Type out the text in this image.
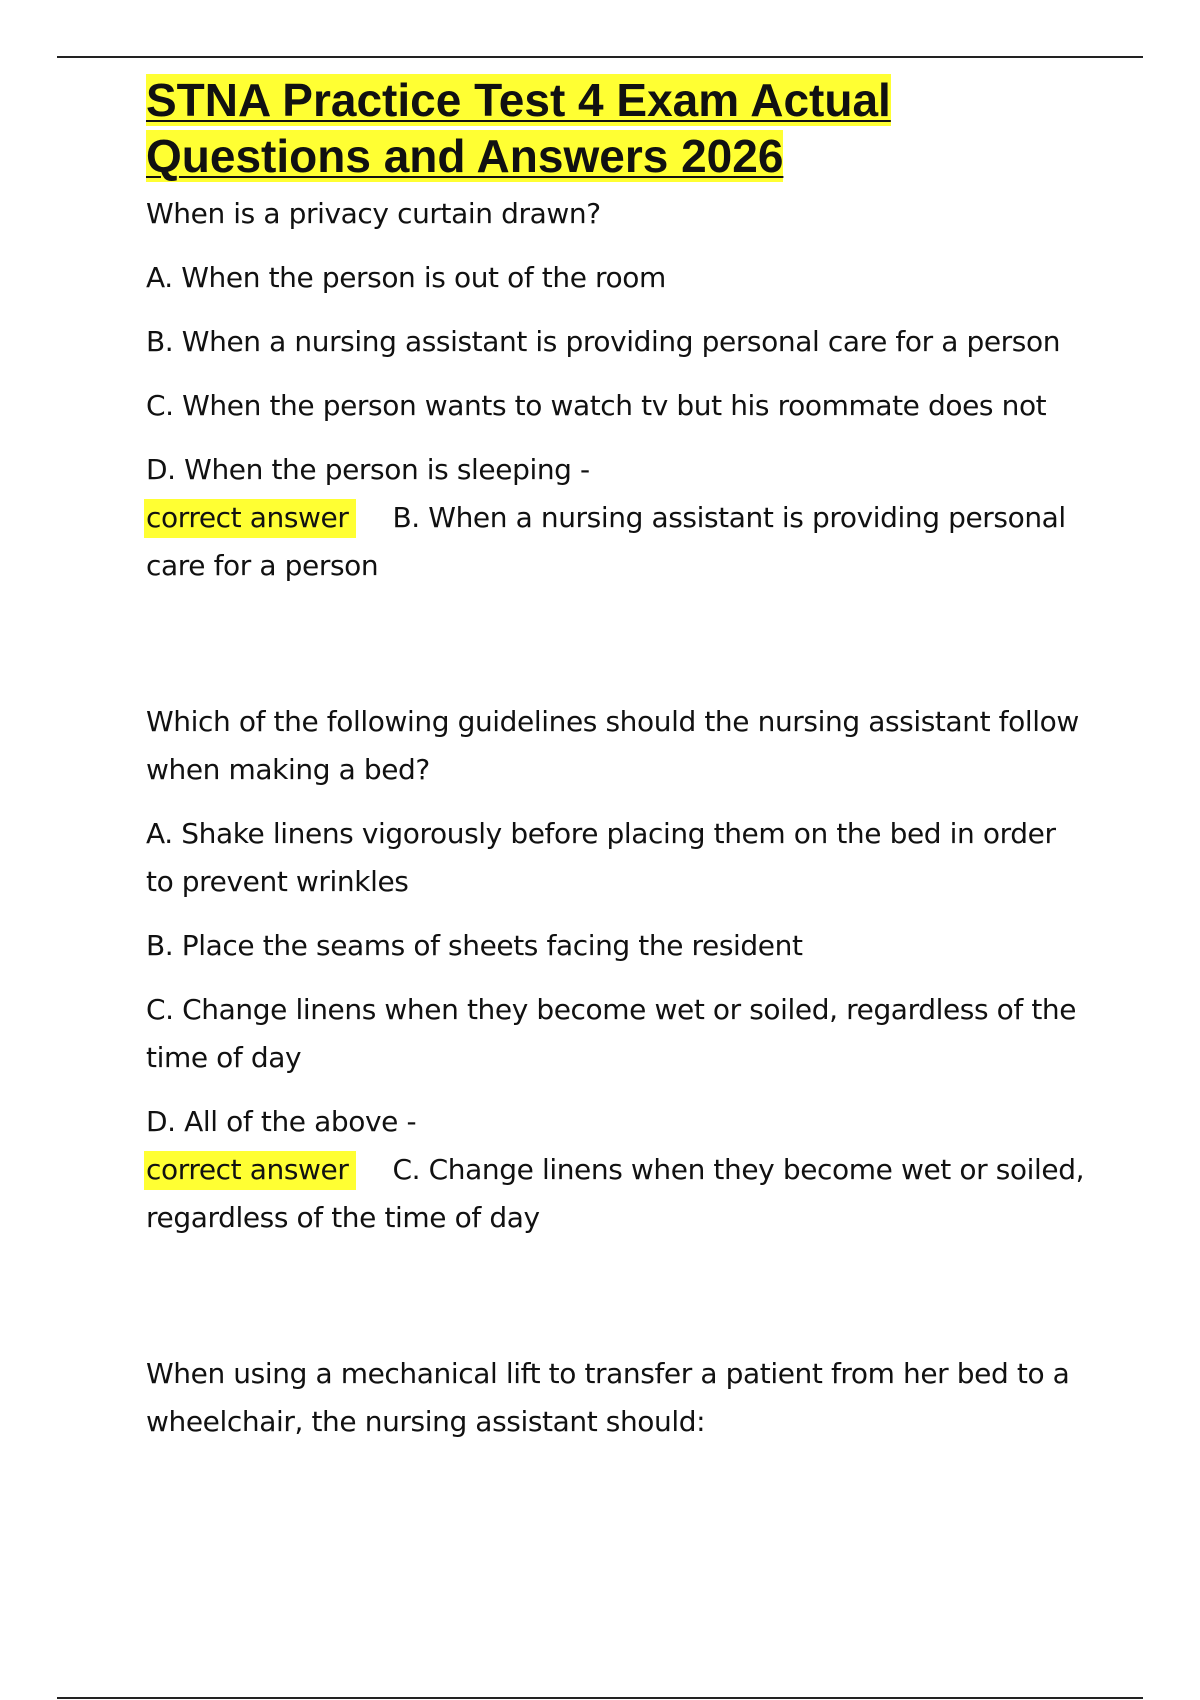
STNA Practice Test 4 Exam Actual
Questions and Answers 2026

When is a privacy curtain drawn?

A. When the person is out of the room

B. When a nursing assistant is providing personal care for a person

C. When the person wants to watch tv but his roommate does not

D. When the person is sleeping -

correct answer B. When a nursing assistant is providing personal care for a person

Which of the following guidelines should the nursing assistant follow when making a bed?

A. Shake linens vigorously before placing them on the bed in order to prevent wrinkles

B. Place the seams of sheets facing the resident

C. Change linens when they become wet or soiled, regardless of the time of day

D. All of the above -

correct answer C. Change linens when they become wet or soiled, regardless of the time of day

When using a mechanical lift to transfer a patient from her bed to a wheelchair, the nursing assistant should:
